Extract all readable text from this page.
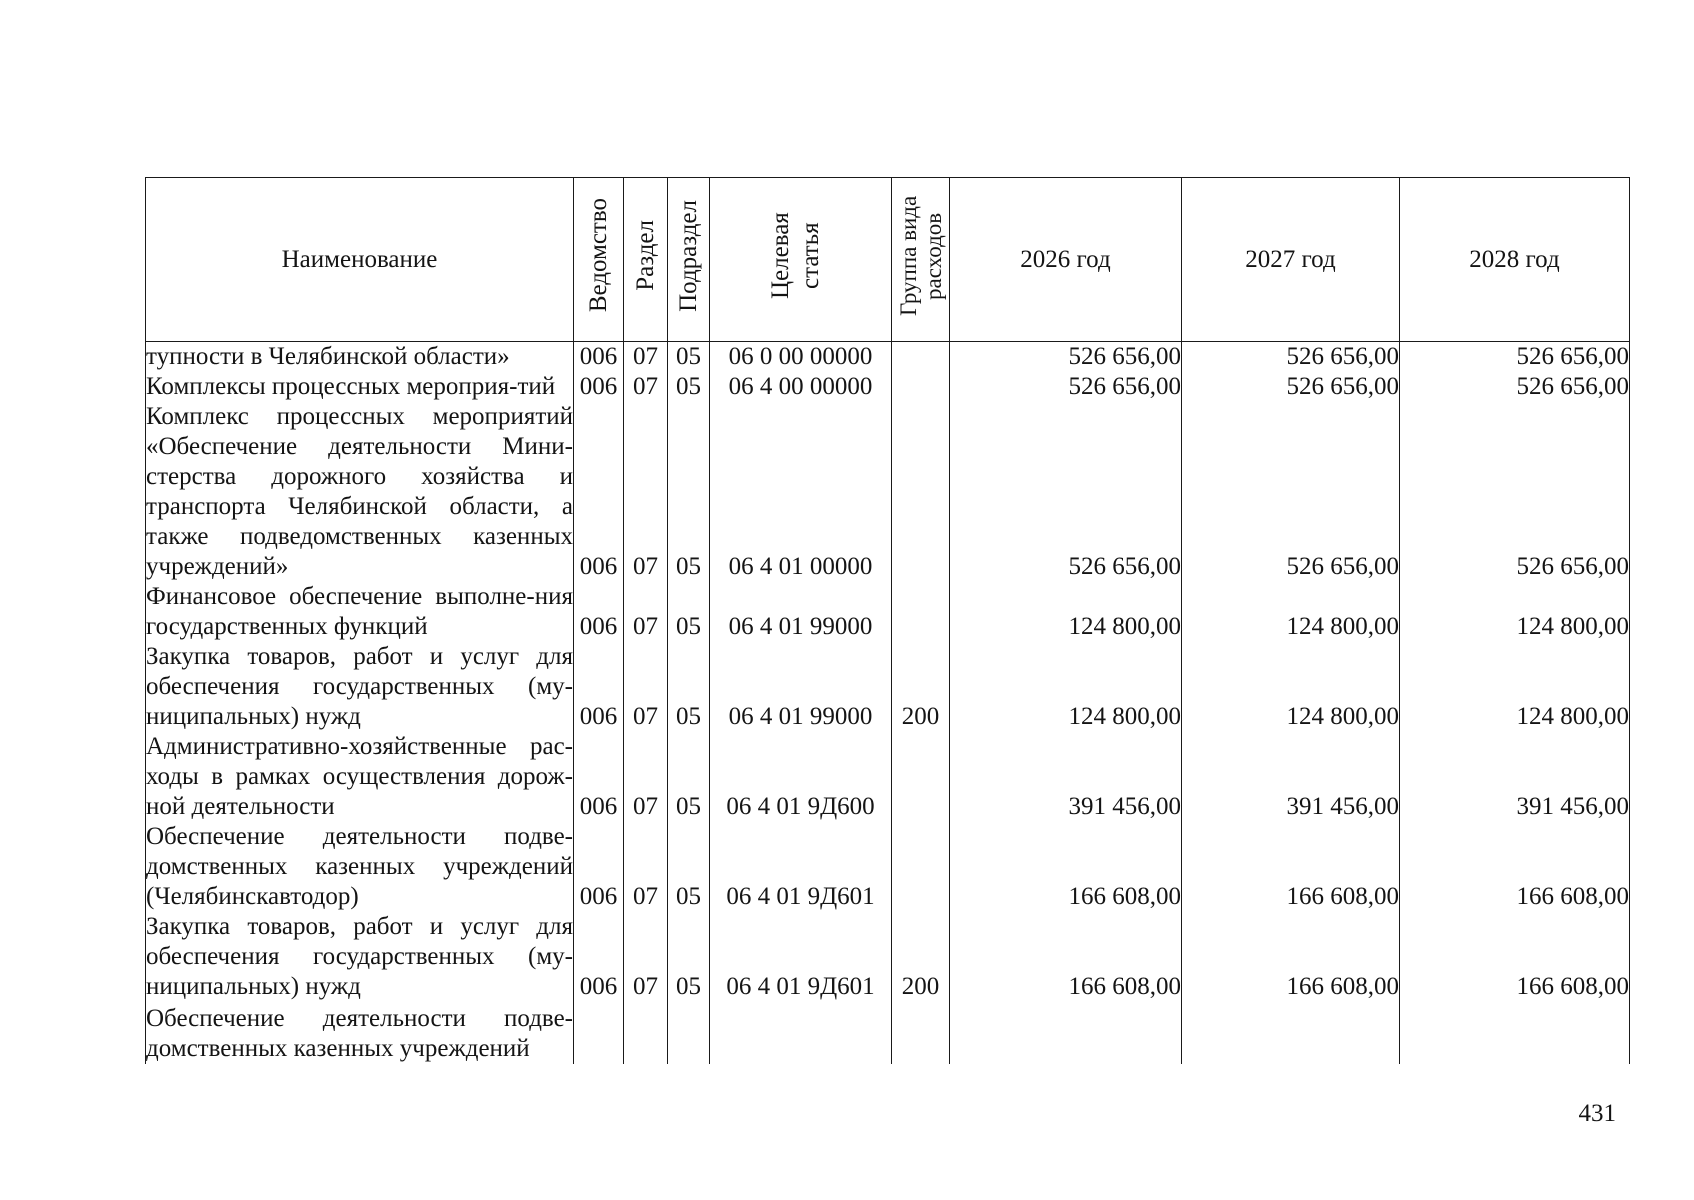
Наименование	Ведомство	Раздел	Подраздел	Целевая статья	Группа вида расходов	2026 год	2027 год	2028 год
тупности в Челябинской области»	006	07	05	06 0 00 00000		526 656,00	526 656,00	526 656,00
Комплексы процессных мероприя-тий	006	07	05	06 4 00 00000		526 656,00	526 656,00	526 656,00
Комплекс процессных мероприятий «Обеспечение деятельности Мини-стерства дорожного хозяйства и транспорта Челябинской области, а также подведомственных казенных учреждений»	006	07	05	06 4 01 00000		526 656,00	526 656,00	526 656,00
Финансовое обеспечение выполне-ния государственных функций	006	07	05	06 4 01 99000		124 800,00	124 800,00	124 800,00
Закупка товаров, работ и услуг для обеспечения государственных (му-ниципальных) нужд	006	07	05	06 4 01 99000	200	124 800,00	124 800,00	124 800,00
Административно-хозяйственные рас-ходы в рамках осуществления дорож-ной деятельности	006	07	05	06 4 01 9Д600		391 456,00	391 456,00	391 456,00
Обеспечение деятельности подве-домственных казенных учреждений (Челябинскавтодор)	006	07	05	06 4 01 9Д601		166 608,00	166 608,00	166 608,00
Закупка товаров, работ и услуг для обеспечения государственных (му-ниципальных) нужд	006	07	05	06 4 01 9Д601	200	166 608,00	166 608,00	166 608,00
Обеспечение деятельности подве-домственных казенных учреждений								
431
